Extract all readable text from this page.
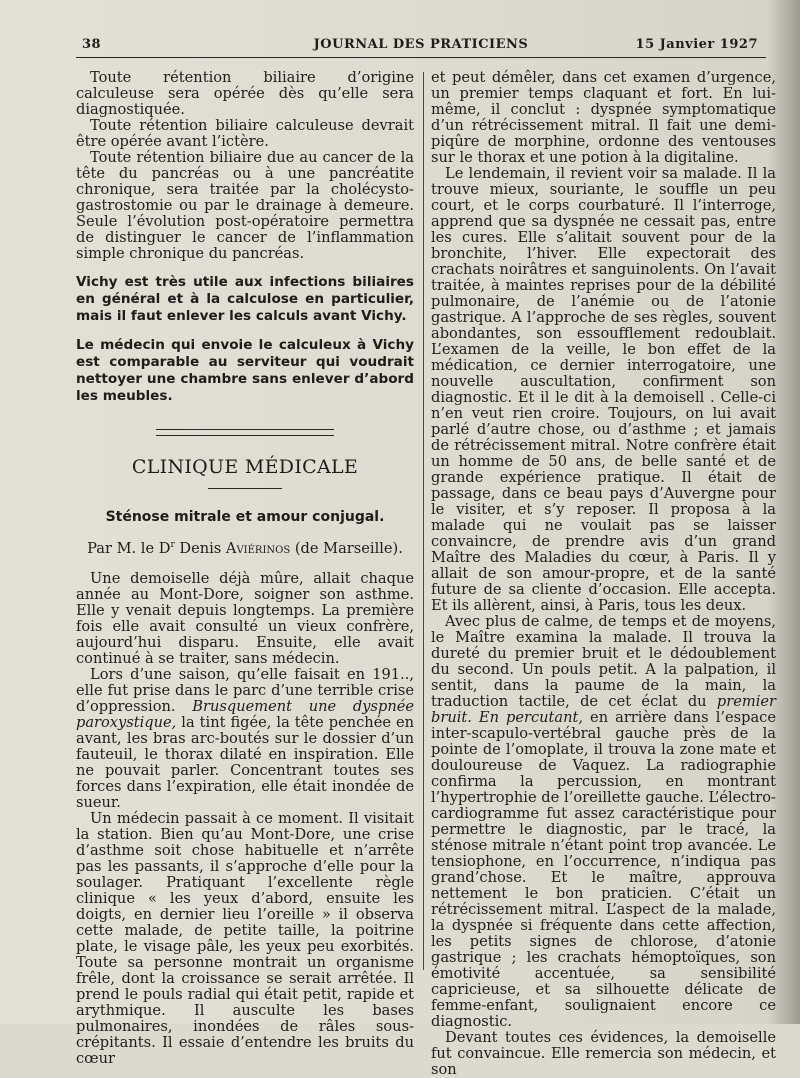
38	JOURNAL DES PRATICIENS	15 Janvier 1927

Toute rétention biliaire d’origine calculeuse sera opérée dès qu’elle sera diagnostiquée.

Toute rétention biliaire calculeuse devrait être opérée avant l’ictère.

Toute rétention biliaire due au cancer de la tête du pancréas ou à une pancréatite chronique, sera traitée par la cholécysto-gastrostomie ou par le drainage à demeure. Seule l’évolution post-opératoire permettra de distinguer le cancer de l’inflammation simple chronique du pancréas.

Vichy est très utile aux infections biliaires en général et à la calculose en particulier, mais il faut enlever les calculs avant Vichy.

Le médecin qui envoie le calculeux à Vichy est comparable au serviteur qui voudrait nettoyer une chambre sans enlever d’abord les meubles.

CLINIQUE MÉDICALE

Sténose mitrale et amour conjugal.

Par M. le $D^r$ Denis Aviérinos (de Marseille).

Une demoiselle déjà mûre, allait chaque année au Mont-Dore, soigner son asthme. Elle y venait depuis longtemps. La première fois elle avait consulté un vieux confrère, aujourd’hui disparu. Ensuite, elle avait continué à se traiter, sans médecin.

Lors d’une saison, qu’elle faisait en 191.., elle fut prise dans le parc d’une terrible crise d’oppression. Brusquement une dyspnée paroxystique, la tint figée, la tête penchée en avant, les bras arc-boutés sur le dossier d’un fauteuil, le thorax dilaté en inspiration. Elle ne pouvait parler. Concentrant toutes ses forces dans l’expiration, elle était inondée de sueur.

Un médecin passait à ce moment. Il visitait la station. Bien qu’au Mont-Dore, une crise d’asthme soit chose habituelle et n’arrête pas les passants, il s’approche d’elle pour la soulager. Pratiquant l’excellente règle clinique « les yeux d’abord, ensuite les doigts, en dernier lieu l’oreille » il observa cette malade, de petite taille, la poitrine plate, le visage pâle, les yeux peu exorbités. Toute sa personne montrait un organisme frêle, dont la croissance se serait arrêtée. Il prend le pouls radial qui était petit, rapide et arythmique. Il ausculte les bases pulmonaires, inondées de râles sous-crépitants. Il essaie d’entendre les bruits du cœur

et peut démêler, dans cet examen d’urgence, un premier temps claquant et fort. En lui-même, il conclut : dyspnée symptomatique d’un rétrécissement mitral. Il fait une demi-piqûre de morphine, ordonne des ventouses sur le thorax et une potion à la digitaline.

Le lendemain, il revient voir sa malade. Il la trouve mieux, souriante, le souffle un peu court, et le corps courbaturé. Il l’interroge, apprend que sa dyspnée ne cessait pas, entre les cures. Elle s’alitait souvent pour de la bronchite, l’hiver. Elle expectorait des crachats noirâtres et sanguinolents. On l’avait traitée, à maintes reprises pour de la débilité pulmonaire, de l’anémie ou de l’atonie gastrique. A l’approche de ses règles, souvent abondantes, son essoufflement redoublait. L’examen de la veille, le bon effet de la médication, ce dernier interrogatoire, une nouvelle auscultation, confirment son diagnostic. Et il le dit à la demoisell . Celle-ci n’en veut rien croire. Toujours, on lui avait parlé d’autre chose, ou d’asthme ; et jamais de rétrécissement mitral. Notre confrère était un homme de 50 ans, de belle santé et de grande expérience pratique. Il était de passage, dans ce beau pays d’Auvergne pour le visiter, et s’y reposer. Il proposa à la malade qui ne voulait pas se laisser convaincre, de prendre avis d’un grand Maître des Maladies du cœur, à Paris. Il y allait de son amour-propre, et de la santé future de sa cliente d’occasion. Elle accepta. Et ils allèrent, ainsi, à Paris, tous les deux.

Avec plus de calme, de temps et de moyens, le Maître examina la malade. Il trouva la dureté du premier bruit et le dédoublement du second. Un pouls petit. A la palpation, il sentit, dans la paume de la main, la traduction tactile, de cet éclat du premier bruit. En percutant, en arrière dans l’espace inter-scapulo-vertébral gauche près de la pointe de l’omoplate, il trouva la zone mate et douloureuse de Vaquez. La radiographie confirma la percussion, en montrant l’hypertrophie de l’oreillette gauche. L’électro-cardiogramme fut assez caractéristique pour permettre le diagnostic, par le tracé, la sténose mitrale n’étant point trop avancée. Le tensiophone, en l’occurrence, n’indiqua pas grand’chose. Et le maître, approuva nettement le bon praticien. C’était un rétrécissement mitral. L’aspect de la malade, la dyspnée si fréquente dans cette affection, les petits signes de chlorose, d’atonie gastrique ; les crachats hémoptoïques, son émotivité accentuée, sa sensibilité capricieuse, et sa silhouette délicate de femme-enfant, soulignaient encore ce diagnostic.

Devant toutes ces évidences, la demoiselle fut convaincue. Elle remercia son médecin, et son
